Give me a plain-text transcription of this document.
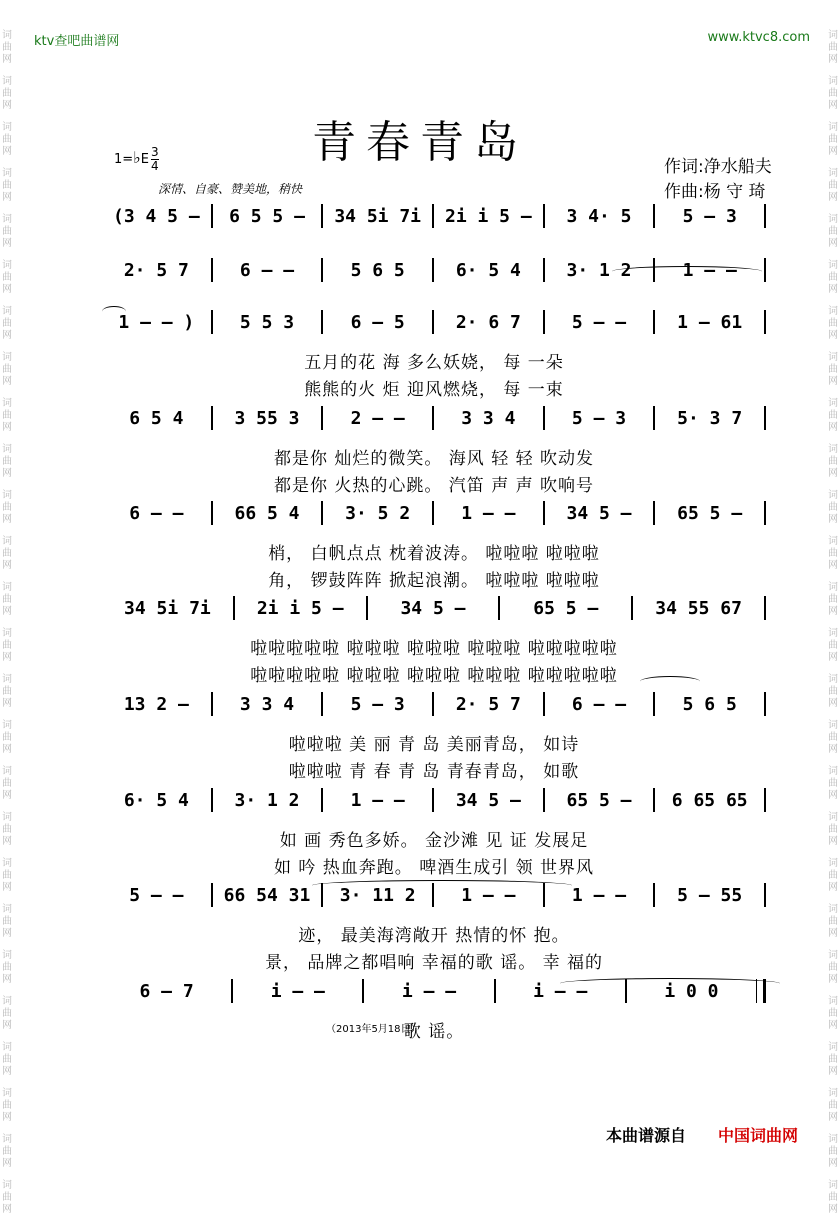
词曲网
词曲网
词曲网
词曲网
词曲网
词曲网
词曲网
词曲网
词曲网
词曲网
词曲网
词曲网
词曲网
词曲网
词曲网
词曲网
词曲网
词曲网
词曲网
词曲网
词曲网
词曲网
词曲网
词曲网
词曲网
词曲网
词曲网
词曲网
词曲网
词曲网
词曲网
词曲网
词曲网
词曲网
词曲网
词曲网
词曲网
词曲网
词曲网
词曲网
词曲网
词曲网
词曲网
词曲网
词曲网
词曲网
词曲网
词曲网
词曲网
词曲网
词曲网
词曲网
ktv查吧曲谱网	www.ktvc8.com
青春青岛
1=♭E $\frac{3}{4}$
深情、自豪、赞美地，稍快
作词:净水船夫
作曲:杨 守 琦
(3 4 5 –	6 5 5 –	34 5i 7i	2i i 5 –	3 4· 5	5 – 3
2· 5 7	6 – –	5 6 5	6· 5 4	3· 1 2	1 – –
1 – – )	5 5 3	6 – 5	2· 6 7	5 – –	1 – 61
五月的花 海 多么妖娆， 每 一朵
熊熊的火 炬 迎风燃烧， 每 一束
6 5 4	3 55 3	2 – –	3 3 4	5 – 3	5· 3 7
都是你 灿烂的微笑。 海风 轻 轻 吹动发
都是你 火热的心跳。 汽笛 声 声 吹响号
6 – –	66 5 4	3· 5 2	1 – –	34 5 –	65 5 –
梢， 白帆点点 枕着波涛。 啦啦啦 啦啦啦
角， 锣鼓阵阵 掀起浪潮。 啦啦啦 啦啦啦
34 5i 7i	2i i 5 –	34 5 –	65 5 –	34 55 67
啦啦啦啦啦 啦啦啦 啦啦啦 啦啦啦 啦啦啦啦啦
啦啦啦啦啦 啦啦啦 啦啦啦 啦啦啦 啦啦啦啦啦
13 2 –	3 3 4	5 – 3	2· 5 7	6 – –	5 6 5
啦啦啦 美 丽 青 岛 美丽青岛， 如诗
啦啦啦 青 春 青 岛 青春青岛， 如歌
6· 5 4	3· 1 2	1 – –	34 5 –	65 5 –	6 65 65
如 画 秀色多娇。 金沙滩 见 证 发展足
如 吟 热血奔跑。 啤酒生成引 领 世界风
5 – –	66 54 31	3· 11 2	1 – –	1 – –	5 – 55
迹， 最美海湾敞开 热情的怀 抱。
景， 品牌之都唱响 幸福的歌 谣。 幸 福的
6 – 7	i – –	i – –	i – –	i 0 0
歌 谣。
（2013年5月18日）
本曲谱源自 中国词曲网
